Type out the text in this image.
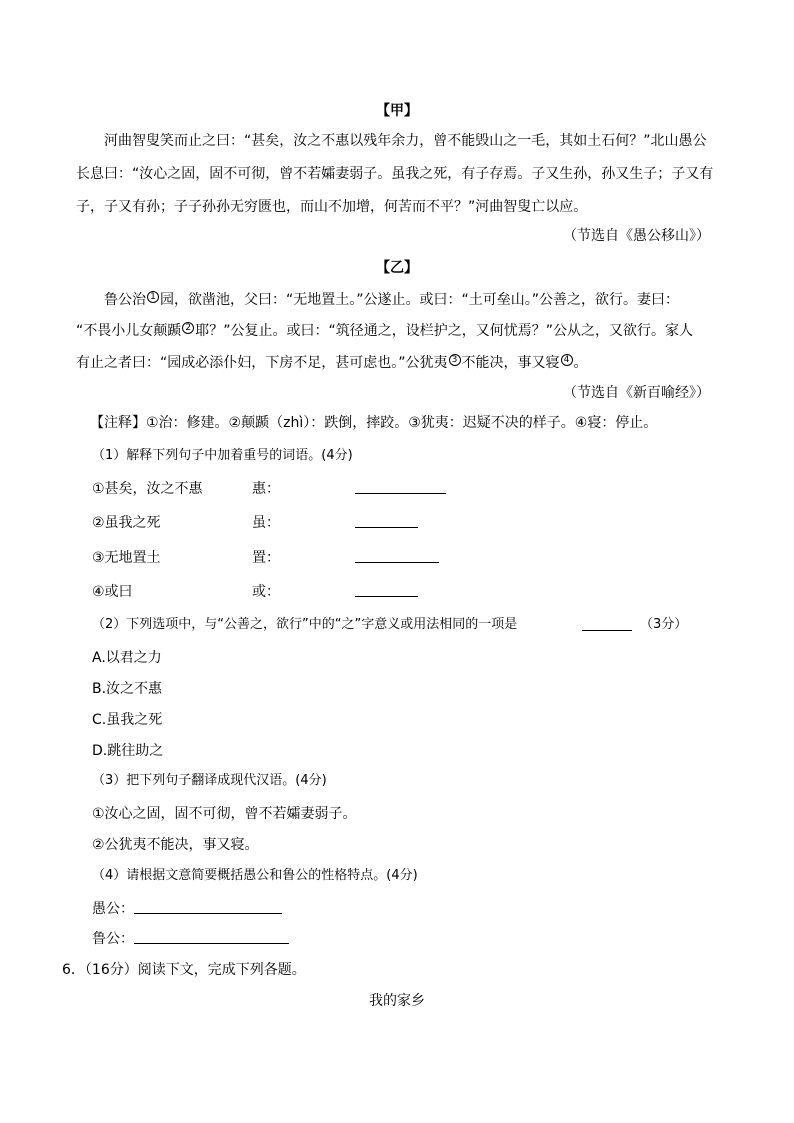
【甲】
河曲智叟笑而止之曰：“甚矣，汝之不惠以残年余力，曾不能毁山之一毛，其如土石何？”北山愚公
长息曰：“汝心之固，固不可彻，曾不若孀妻弱子。虽我之死，有子存焉。子又生孙，孙又生子；子又有
子，子又有孙；子子孙孙无穷匮也，而山不加增，何苦而不平？”河曲智叟亡以应。
（节选自《愚公移山》）
【乙】
鲁公治 $^1$ 园，欲凿池，父曰：“无地置土。”公遂止。或曰：“土可垒山。”公善之，欲行。妻曰：
“不畏小儿女颠踬 $^2$ 耶？”公复止。或曰：“筑径通之，设栏护之，又何忧焉？”公从之，又欲行。家人
有止之者曰：“园成必添仆妇，下房不足，甚可虑也。”公犹夷 $^3$ 不能决，事又寝 $^4$ 。
（节选自《新百喻经》）
【注释】①治：修建。②颠踬（zhì）：跌倒，摔跤。③犹夷：迟疑不决的样子。④寝：停止。
（1）解释下列句子中加着重号的词语。(4分)
①甚矣，汝之不惠	惠：
②虽我之死	虽：
③无地置土	置：
④或曰	或：
（2）下列选项中，与“公善之，欲行”中的“之”字意义或用法相同的一项是	（3分）
A.以君之力
B.汝之不惠
C.虽我之死
D.跳往助之
（3）把下列句子翻译成现代汉语。(4分)
①汝心之固，固不可彻，曾不若孀妻弱子。
②公犹夷不能决，事又寝。
（4）请根据文意简要概括愚公和鲁公的性格特点。(4分)
愚公：
鲁公：
6．（16分）阅读下文，完成下列各题。
我的家乡
